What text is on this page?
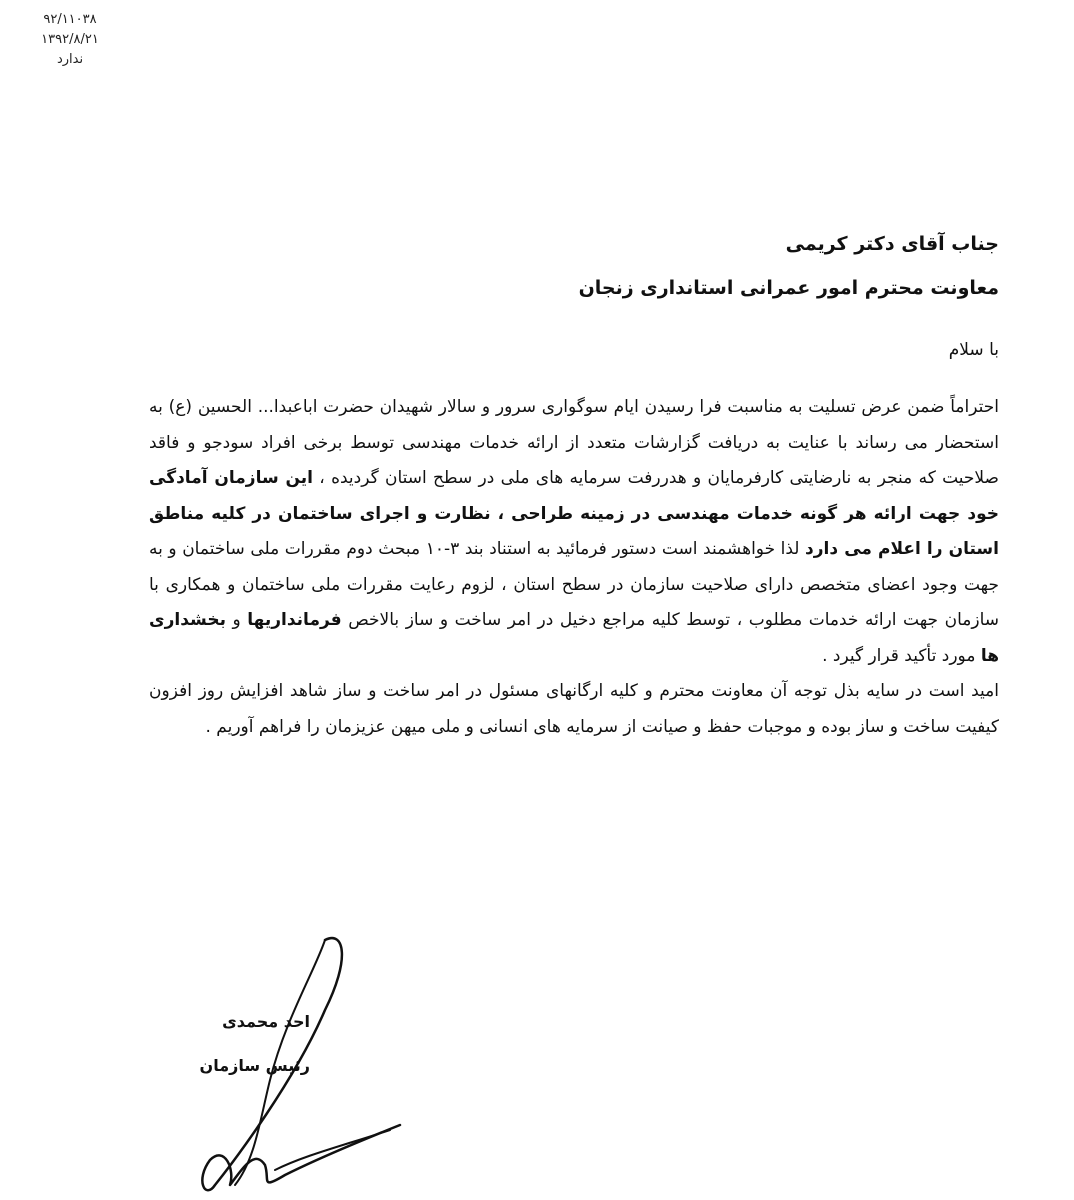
۹۲/۱۱۰۳۸
۱۳۹۲/۸/۲۱
ندارد
جناب آقای دکتر کریمی
معاونت محترم امور عمرانی استانداری زنجان
با سلام

احتراماً ضمن عرض تسلیت به مناسبت فرا رسیدن ایام سوگواری سرور و سالار شهیدان حضرت اباعبدا... الحسین (ع) به استحضار می رساند با عنایت به دریافت گزارشات متعدد از ارائه خدمات مهندسی توسط برخی افراد سودجو و فاقد صلاحیت که منجر به نارضایتی کارفرمایان و هدررفت سرمایه های ملی در سطح استان گردیده ، این سازمان آمادگی خود جهت ارائه هر گونه خدمات مهندسی در زمینه طراحی ، نظارت و اجرای ساختمان در کلیه مناطق استان را اعلام می دارد لذا خواهشمند است دستور فرمائید به استناد بند ۳-۱۰ مبحث دوم مقررات ملی ساختمان و به جهت وجود اعضای متخصص دارای صلاحیت سازمان در سطح استان ، لزوم رعایت مقررات ملی ساختمان و همکاری با سازمان جهت ارائه خدمات مطلوب ، توسط کلیه مراجع دخیل در امر ساخت و ساز بالاخص فرمانداریها و بخشداری ها مورد تأکید قرار گیرد .

امید است در سایه بذل توجه آن معاونت محترم و کلیه ارگانهای مسئول در امر ساخت و ساز شاهد افزایش روز افزون کیفیت ساخت و ساز بوده و موجبات حفظ و صیانت از سرمایه های انسانی و ملی میهن عزیزمان را فراهم آوریم .

احد محمدی
رئیس سازمان
